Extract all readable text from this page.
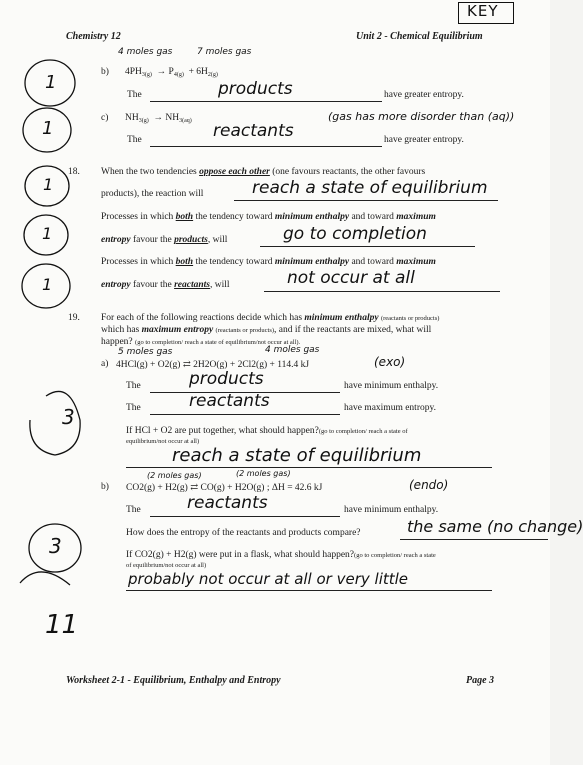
Chemistry 12	Unit 2 - Chemical Equilibrium
KEY
4 moles gas	7 moles gas
b) $4PH_{3(g)} \to P_{4(g)} + 6H_{2(g)}$
The	products	have greater entropy.
c) $NH_{3(g)} \to NH_{3(aq)}$	(gas has more disorder than (aq))
The	reactants	have greater entropy.
18. When the two tendencies oppose each other (one favours reactants, the other favours
products), the reaction will	reach a state of equilibrium
Processes in which both the tendency toward minimum enthalpy and toward maximum
entropy favour the products, will	go to completion
Processes in which both the tendency toward minimum enthalpy and toward maximum
entropy favour the reactants, will	not occur at all
19. For each of the following reactions decide which has minimum enthalpy (reactants or products)
which has maximum entropy (reactants or products), and if the reactants are mixed, what will
happen? (go to completion/ reach a state of equilibrium/not occur at all).
5 moles gas	4 moles gas
a) 4HCl(g) + O2(g) ⇄ 2H2O(g) + 2Cl2(g) + 114.4 kJ	(exo)
The	products	have minimum enthalpy.
The	reactants	have maximum entropy.
If HCl + O2 are put together, what should happen?(go to completion/ reach a state of
equilibrium/not occur at all)
reach a state of equilibrium
(2 moles gas)	(2 moles gas)
b) CO2(g) + H2(g) ⇄ CO(g) + H2O(g) ; ΔH = 42.6 kJ	(endo)
The	reactants	have minimum enthalpy.
How does the entropy of the reactants and products compare?	the same (no change)
If CO2(g) + H2(g) were put in a flask, what should happen?(go to completion/ reach a state
of equilibrium/not occur at all)
probably not occur at all or very little
1
1
1
1
1
3
3
11
Worksheet 2-1 - Equilibrium, Enthalpy and Entropy	Page 3
